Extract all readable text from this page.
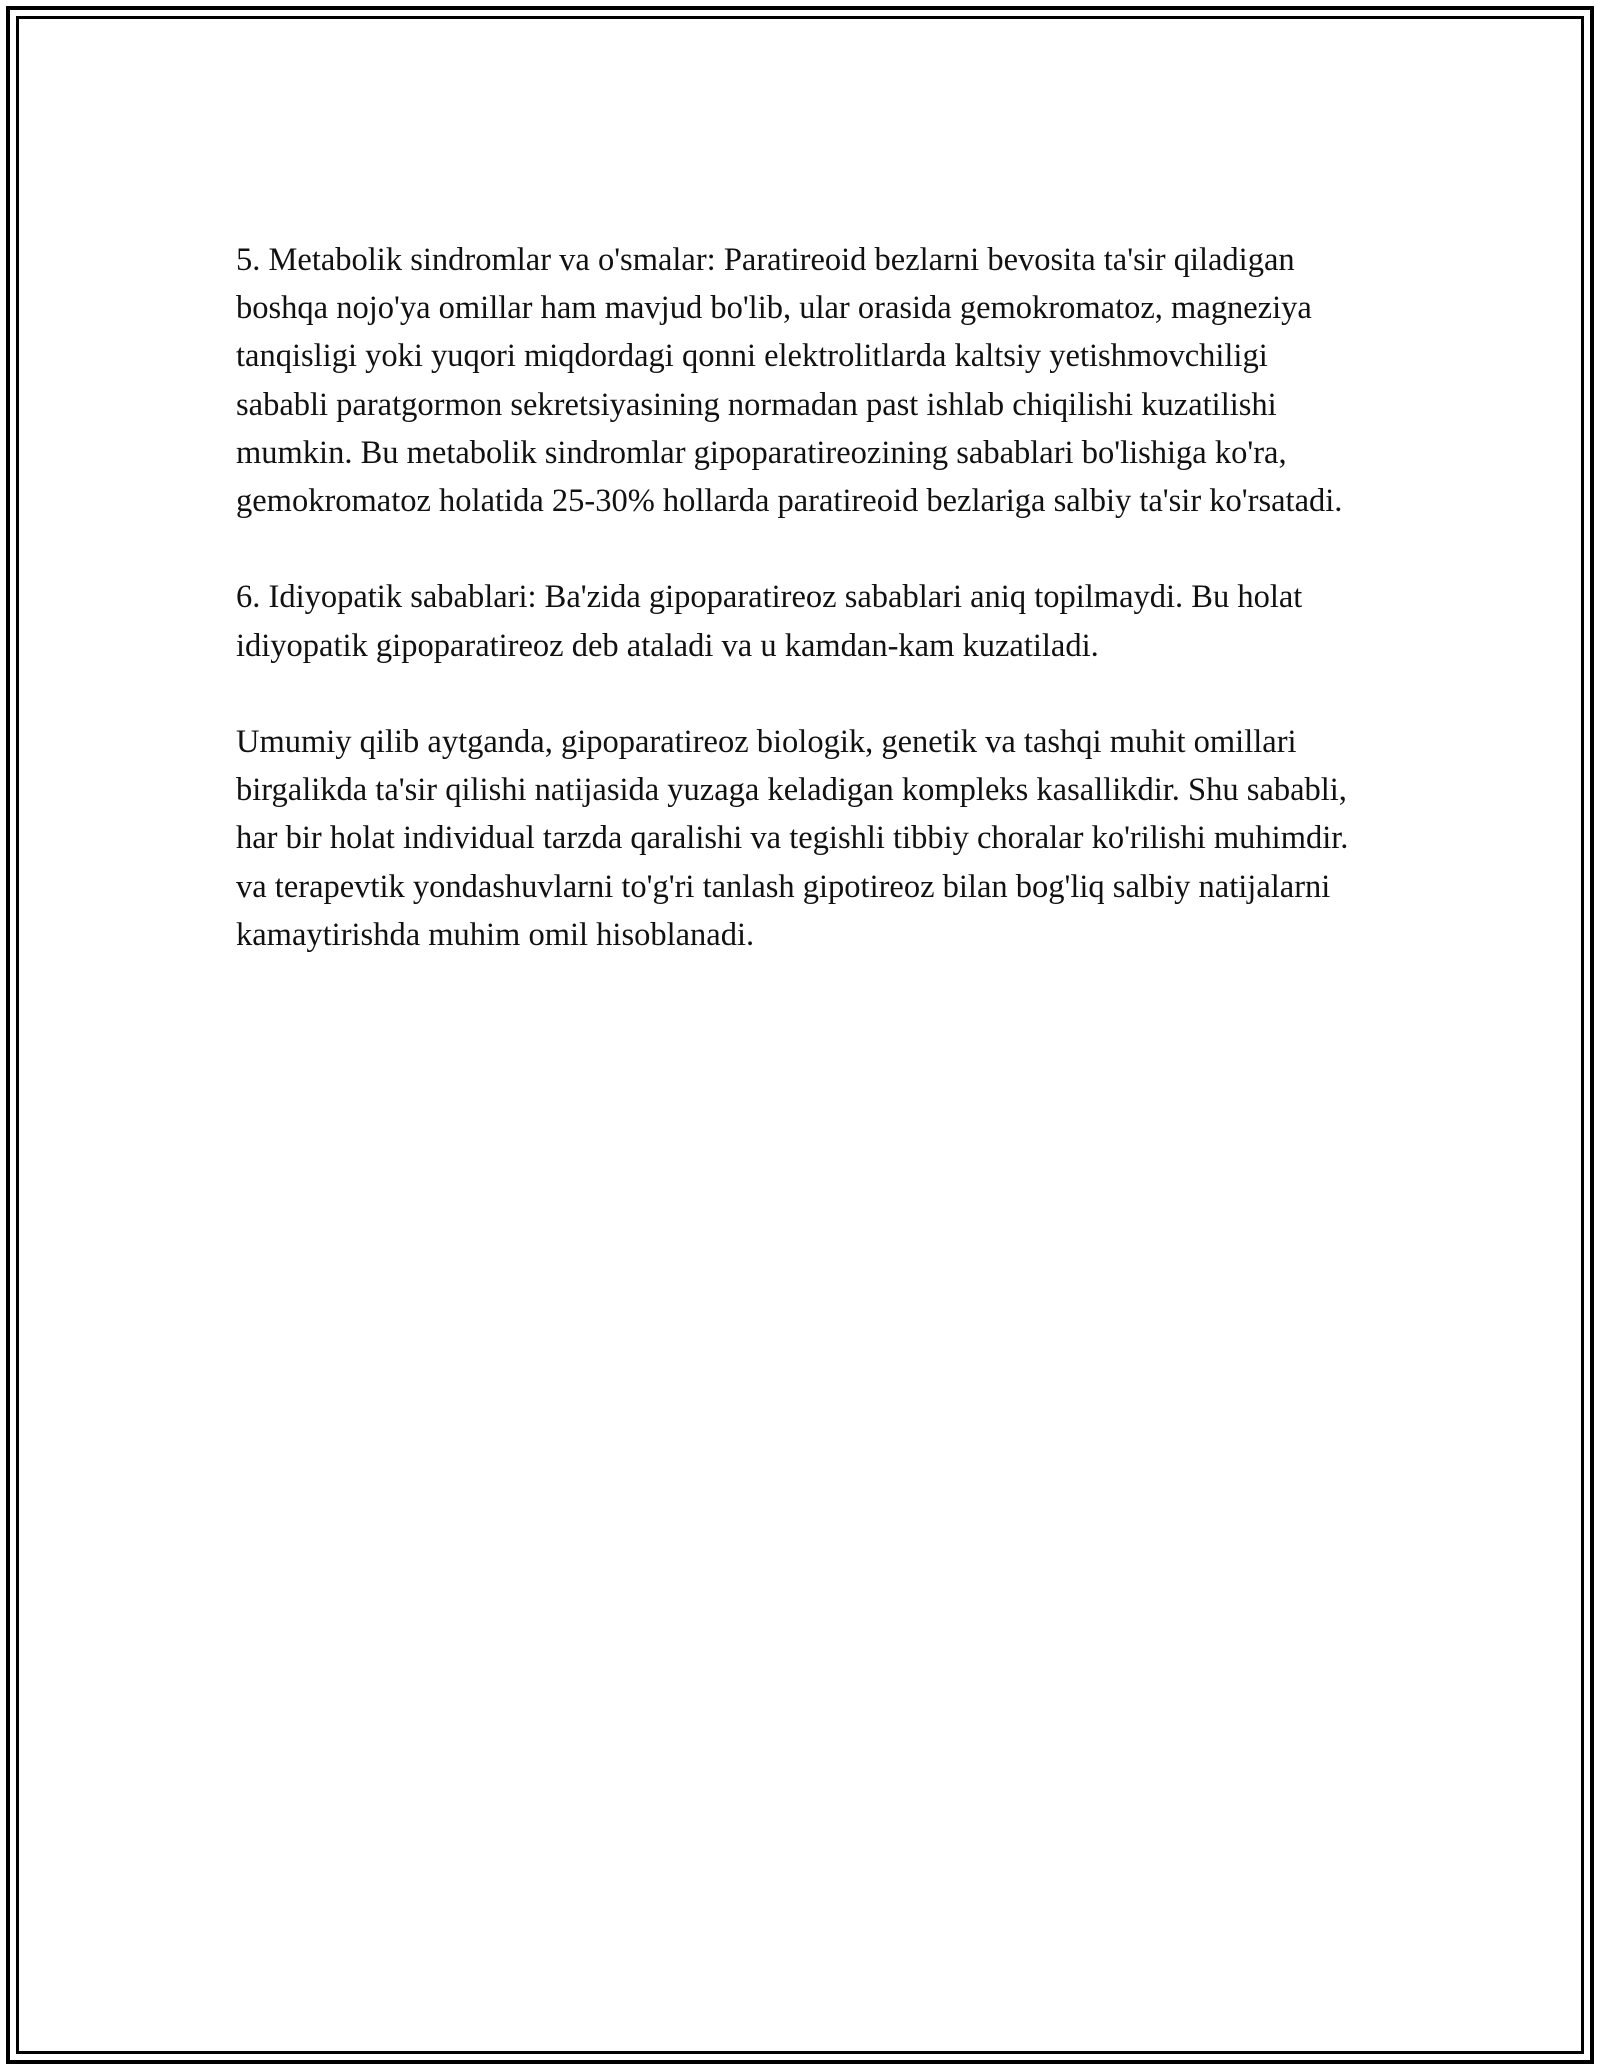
5. Metabolik sindromlar va o'smalar: Paratireoid bezlarni bevosita ta'sir qiladigan boshqa nojo'ya omillar ham mavjud bo'lib, ular orasida gemokromatoz, magneziya tanqisligi yoki yuqori miqdordagi qonni elektrolitlarda kaltsiy yetishmovchiligi sababli paratgormon sekretsiyasining normadan past ishlab chiqilishi kuzatilishi mumkin. Bu metabolik sindromlar gipoparatireozining sabablari bo'lishiga ko'ra, gemokromatoz holatida 25-30% hollarda paratireoid bezlariga salbiy ta'sir ko'rsatadi.

6. Idiyopatik sabablari: Ba'zida gipoparatireoz sabablari aniq topilmaydi. Bu holat idiyopatik gipoparatireoz deb ataladi va u kamdan-kam kuzatiladi.

Umumiy qilib aytganda, gipoparatireoz biologik, genetik va tashqi muhit omillari birgalikda ta'sir qilishi natijasida yuzaga keladigan kompleks kasallikdir. Shu sababli, har bir holat individual tarzda qaralishi va tegishli tibbiy choralar ko'rilishi muhimdir. va terapevtik yondashuvlarni to'g'ri tanlash gipotireoz bilan bog'liq salbiy natijalarni kamaytirishda muhim omil hisoblanadi.
